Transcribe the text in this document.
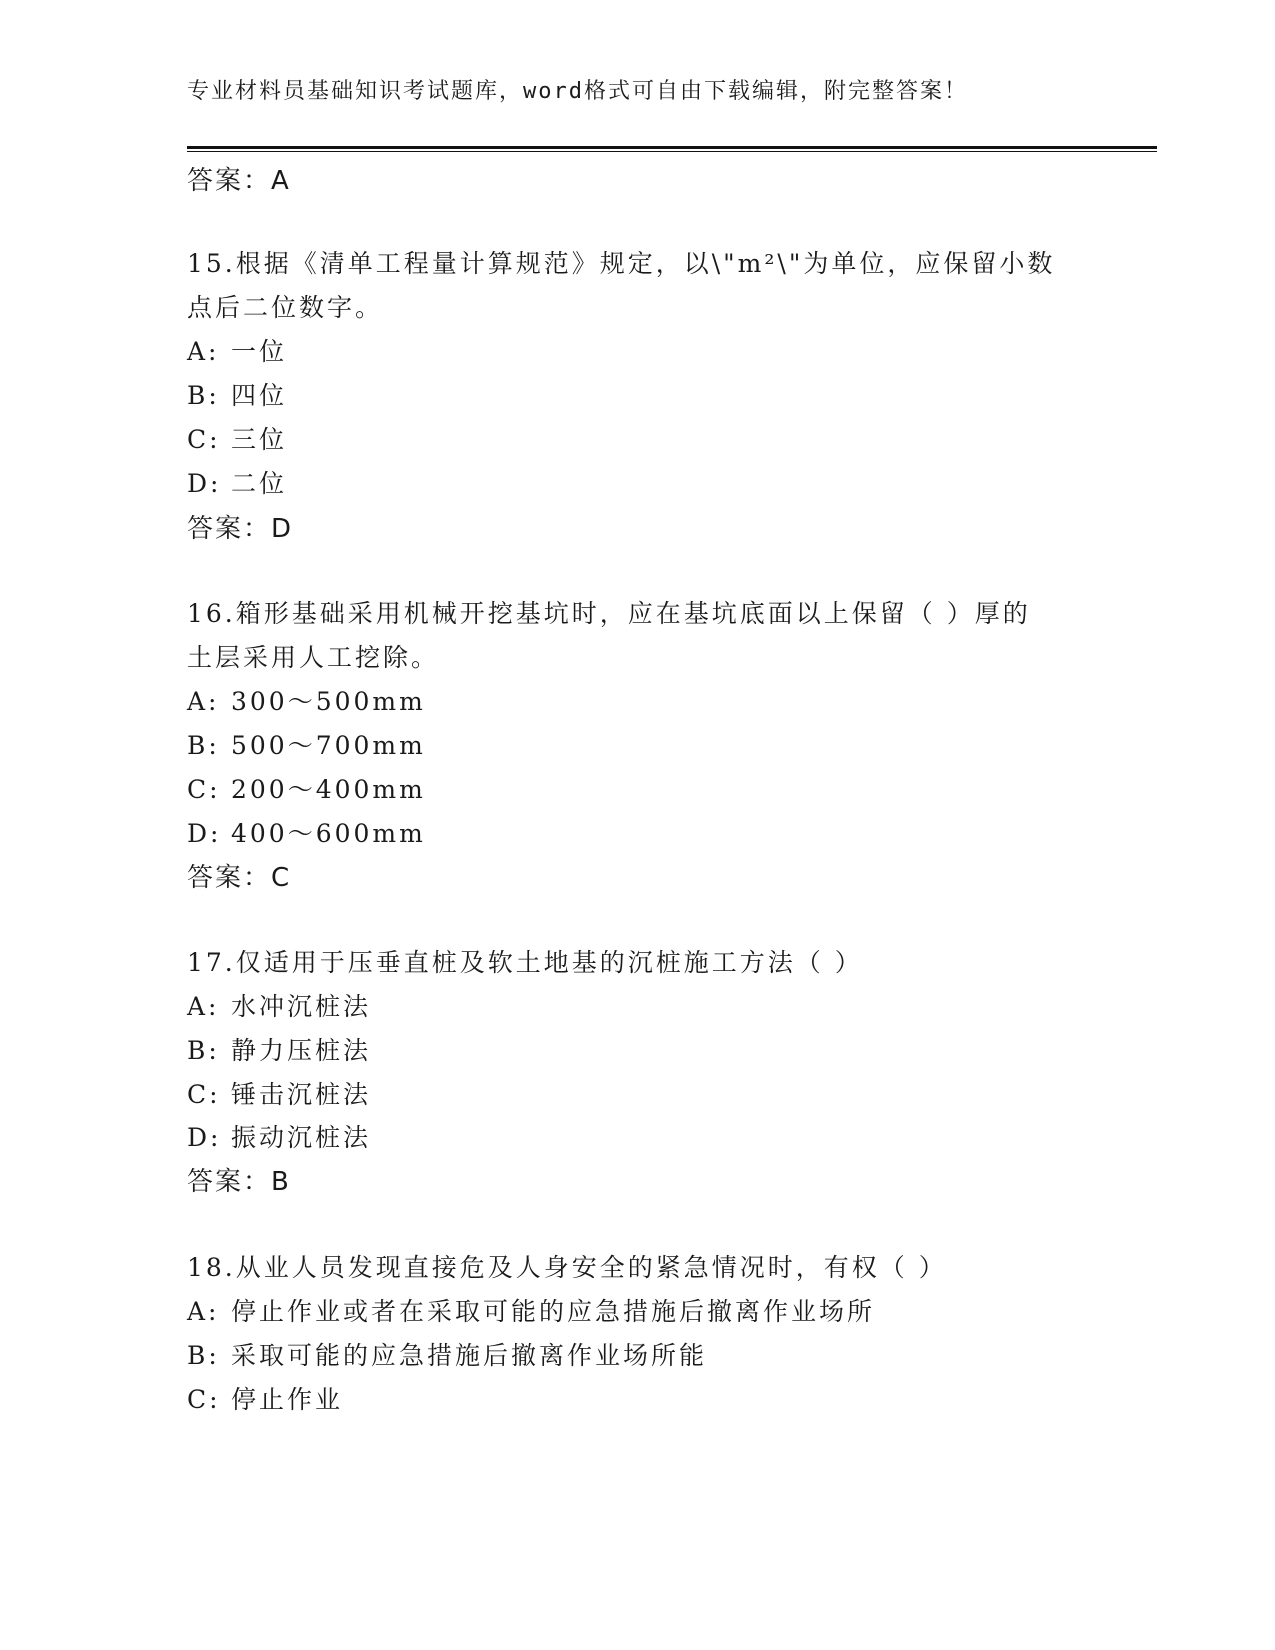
专业材料员基础知识考试题库，word格式可自由下载编辑，附完整答案！
答案：A
15.根据《清单工程量计算规范》规定，以\"m²\"为单位，应保留小数
点后二位数字。
A: 一位
B: 四位
C: 三位
D: 二位
答案：D
16.箱形基础采用机械开挖基坑时，应在基坑底面以上保留（ ）厚的
土层采用人工挖除。
A: 300～500mm
B: 500～700mm
C: 200～400mm
D: 400～600mm
答案：C
17.仅适用于压垂直桩及软土地基的沉桩施工方法（ ）
A: 水冲沉桩法
B: 静力压桩法
C: 锤击沉桩法
D: 振动沉桩法
答案：B
18.从业人员发现直接危及人身安全的紧急情况时，有权（ ）
A: 停止作业或者在采取可能的应急措施后撤离作业场所
B: 采取可能的应急措施后撤离作业场所能
C: 停止作业
